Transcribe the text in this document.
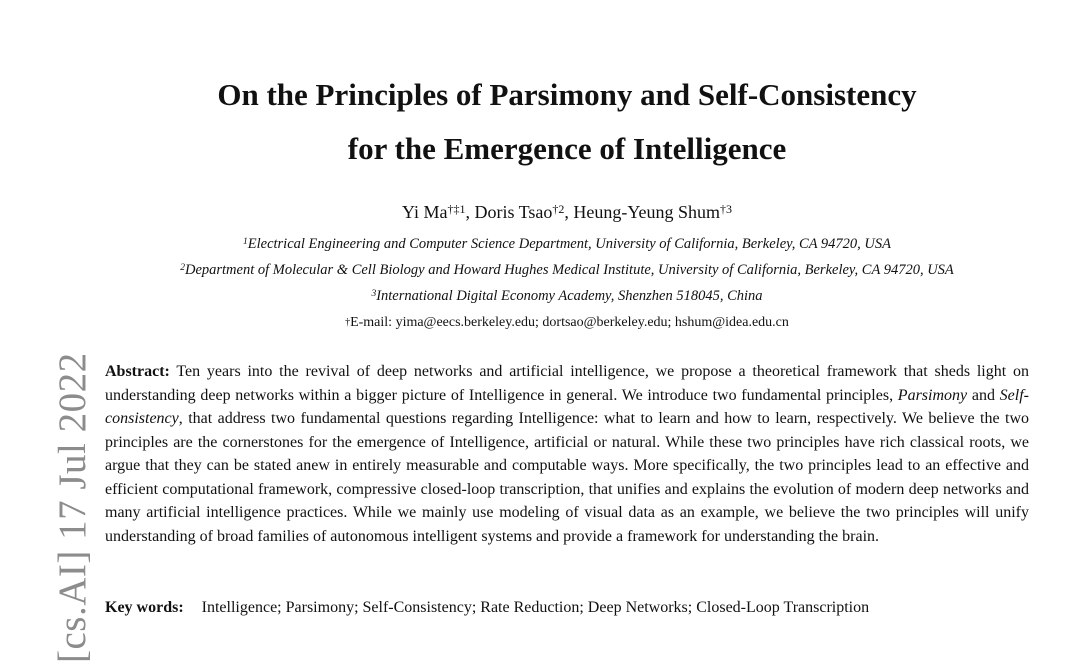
[cs.AI] 17 Jul 2022
On the Principles of Parsimony and Self-Consistency
for the Emergence of Intelligence
Yi Ma$^{\dagger\ddagger 1}$, Doris Tsao$^{\dagger 2}$, Heung-Yeung Shum$^{\dagger 3}$
$^1$Electrical Engineering and Computer Science Department, University of California, Berkeley, CA 94720, USA
$^2$Department of Molecular & Cell Biology and Howard Hughes Medical Institute, University of California, Berkeley, CA 94720, USA
$^3$International Digital Economy Academy, Shenzhen 518045, China
†E-mail: yima@eecs.berkeley.edu; dortsao@berkeley.edu; hshum@idea.edu.cn

Abstract: Ten years into the revival of deep networks and artificial intelligence, we propose a theoretical framework that sheds light on understanding deep networks within a bigger picture of Intelligence in general. We introduce two fundamental principles, Parsimony and Self-consistency, that address two fundamental questions regarding Intelligence: what to learn and how to learn, respectively. We believe the two principles are the cornerstones for the emergence of Intelligence, artificial or natural. While these two principles have rich classical roots, we argue that they can be stated anew in entirely measurable and computable ways. More specifically, the two principles lead to an effective and efficient computational framework, compressive closed-loop transcription, that unifies and explains the evolution of modern deep networks and many artificial intelligence practices. While we mainly use modeling of visual data as an example, we believe the two principles will unify understanding of broad families of autonomous intelligent systems and provide a framework for understanding the brain.

Key words: Intelligence; Parsimony; Self-Consistency; Rate Reduction; Deep Networks; Closed-Loop Transcription
